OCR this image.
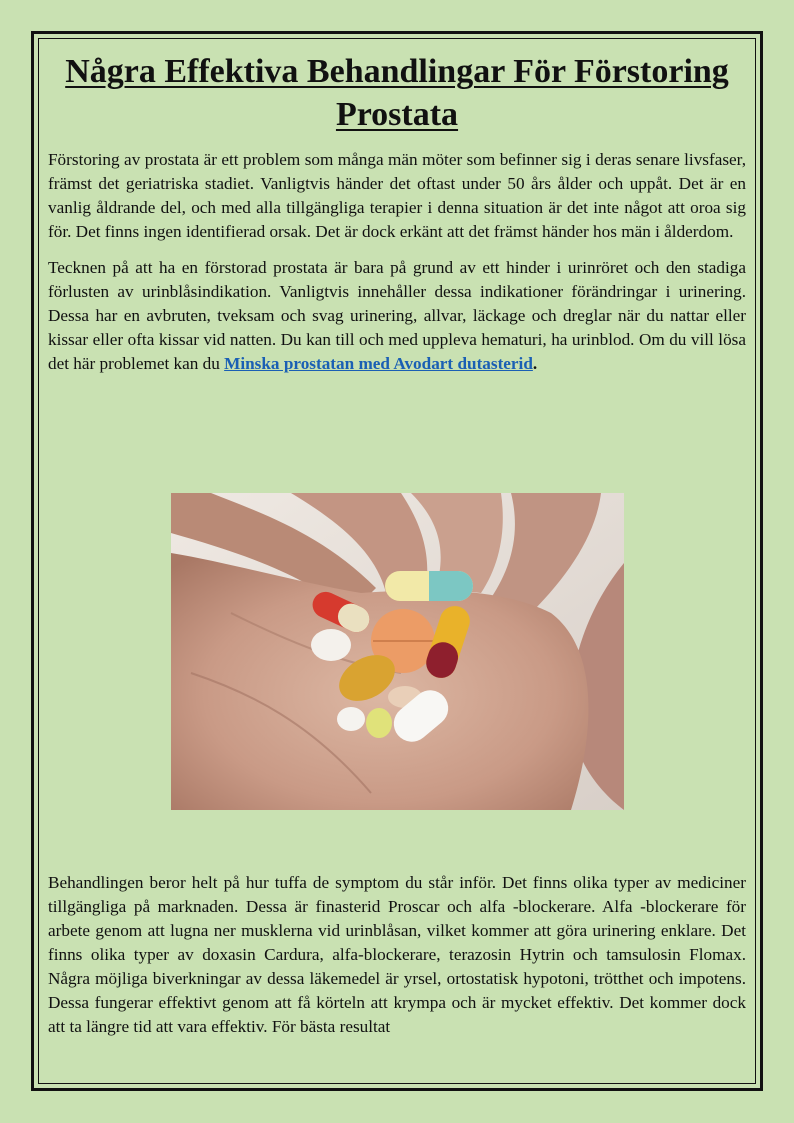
Några Effektiva Behandlingar För Förstoring Prostata

Förstoring av prostata är ett problem som många män möter som befinner sig i deras senare livsfaser, främst det geriatriska stadiet. Vanligtvis händer det oftast under 50 års ålder och uppåt. Det är en vanlig åldrande del, och med alla tillgängliga terapier i denna situation är det inte något att oroa sig för. Det finns ingen identifierad orsak. Det är dock erkänt att det främst händer hos män i ålderdom.

Tecknen på att ha en förstorad prostata är bara på grund av ett hinder i urinröret och den stadiga förlusten av urinblåsindikation. Vanligtvis innehåller dessa indikationer förändringar i urinering. Dessa har en avbruten, tveksam och svag urinering, allvar, läckage och dreglar när du nattar eller kissar eller ofta kissar vid natten. Du kan till och med uppleva hematuri, ha urinblod. Om du vill lösa det här problemet kan du Minska prostatan med Avodart dutasterid.

Behandlingen beror helt på hur tuffa de symptom du står inför. Det finns olika typer av mediciner tillgängliga på marknaden. Dessa är finasterid Proscar och alfa -blockerare. Alfa -blockerare för arbete genom att lugna ner musklerna vid urinblåsan, vilket kommer att göra urinering enklare. Det finns olika typer av doxasin Cardura, alfa-blockerare, terazosin Hytrin och tamsulosin Flomax. Några möjliga biverkningar av dessa läkemedel är yrsel, ortostatisk hypotoni, trötthet och impotens. Dessa fungerar effektivt genom att få körteln att krympa och är mycket effektiv. Det kommer dock att ta längre tid att vara effektiv. För bästa resultat
